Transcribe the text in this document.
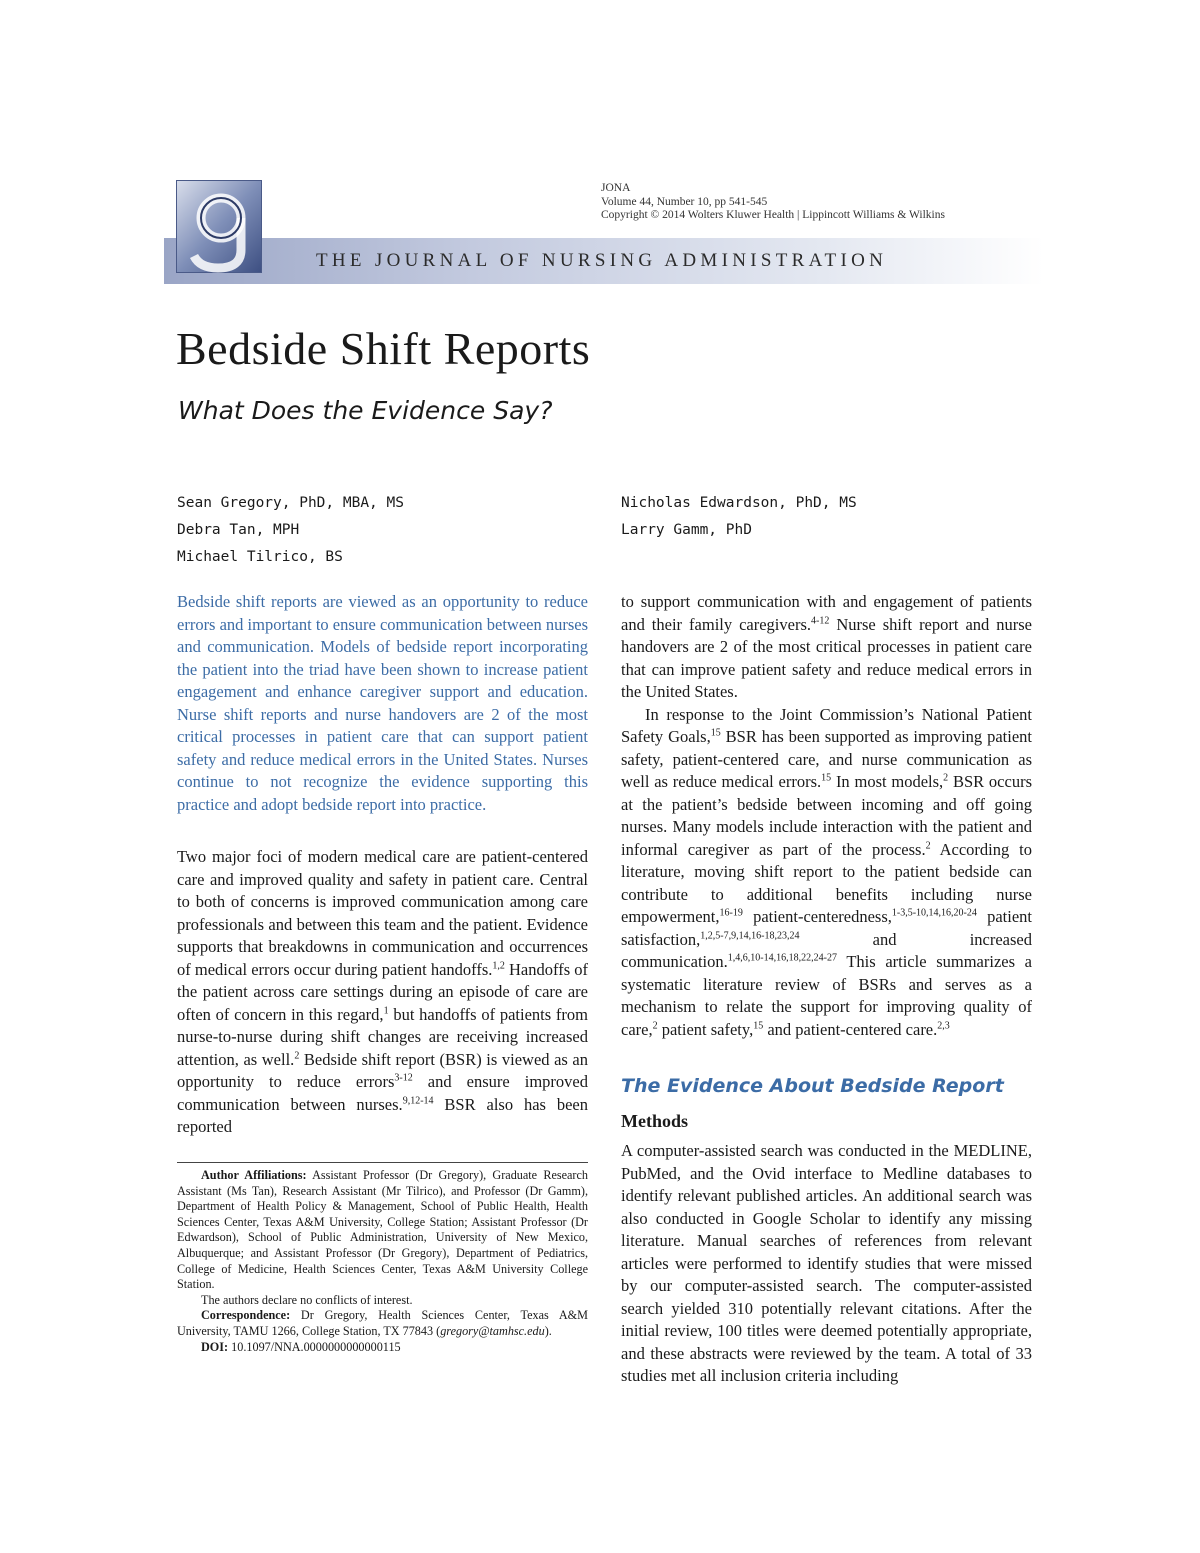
THE JOURNAL OF NURSING ADMINISTRATION
JONA
Volume 44, Number 10, pp 541-545
Copyright © 2014 Wolters Kluwer Health | Lippincott Williams & Wilkins
Bedside Shift Reports
What Does the Evidence Say?
Sean Gregory, PhD, MBA, MS
Debra Tan, MPH
Michael Tilrico, BS
Nicholas Edwardson, PhD, MS
Larry Gamm, PhD
Bedside shift reports are viewed as an opportunity to reduce errors and important to ensure communication between nurses and communication. Models of bedside report incorporating the patient into the triad have been shown to increase patient engagement and enhance caregiver support and education. Nurse shift reports and nurse handovers are 2 of the most critical processes in patient care that can support patient safety and reduce medical errors in the United States. Nurses continue to not recognize the evidence supporting this practice and adopt bedside report into practice.

Two major foci of modern medical care are patient-centered care and improved quality and safety in patient care. Central to both of concerns is improved communication among care professionals and between this team and the patient. Evidence supports that breakdowns in communication and occurrences of medical errors occur during patient handoffs.$^{1,2}$ Handoffs of the patient across care settings during an episode of care are often of concern in this regard,$^1$ but handoffs of patients from nurse-to-nurse during shift changes are receiving increased attention, as well.$^2$ Bedside shift report (BSR) is viewed as an opportunity to reduce errors$^{3-12}$ and ensure improved communication between nurses.$^{9,12-14}$ BSR also has been reported

Author Affiliations: Assistant Professor (Dr Gregory), Graduate Research Assistant (Ms Tan), Research Assistant (Mr Tilrico), and Professor (Dr Gamm), Department of Health Policy & Management, School of Public Health, Health Sciences Center, Texas A&M University, College Station; Assistant Professor (Dr Edwardson), School of Public Administration, University of New Mexico, Albuquerque; and Assistant Professor (Dr Gregory), Department of Pediatrics, College of Medicine, Health Sciences Center, Texas A&M University College Station.

The authors declare no conflicts of interest.

Correspondence: Dr Gregory, Health Sciences Center, Texas A&M University, TAMU 1266, College Station, TX 77843 (gregory@tamhsc.edu).

DOI: 10.1097/NNA.0000000000000115

to support communication with and engagement of patients and their family caregivers.$^{4-12}$ Nurse shift report and nurse handovers are 2 of the most critical processes in patient care that can improve patient safety and reduce medical errors in the United States.

In response to the Joint Commission’s National Patient Safety Goals,$^{15}$ BSR has been supported as improving patient safety, patient-centered care, and nurse communication as well as reduce medical errors.$^{15}$ In most models,$^2$ BSR occurs at the patient’s bedside between incoming and off going nurses. Many models include interaction with the patient and informal caregiver as part of the process.$^2$ According to literature, moving shift report to the patient bedside can contribute to additional benefits including nurse empowerment,$^{16-19}$ patient-centeredness,$^{1-3,5-10,14,16,20-24}$ patient satisfaction,$^{1,2,5-7,9,14,16-18,23,24}$ and increased communication.$^{1,4,6,10-14,16,18,22,24-27}$ This article summarizes a systematic literature review of BSRs and serves as a mechanism to relate the support for improving quality of care,$^2$ patient safety,$^{15}$ and patient-centered care.$^{2,3}$

The Evidence About Bedside Report
Methods

A computer-assisted search was conducted in the MEDLINE, PubMed, and the Ovid interface to Medline databases to identify relevant published articles. An additional search was also conducted in Google Scholar to identify any missing literature. Manual searches of references from relevant articles were performed to identify studies that were missed by our computer-assisted search. The computer-assisted search yielded 310 potentially relevant citations. After the initial review, 100 titles were deemed potentially appropriate, and these abstracts were reviewed by the team. A total of 33 studies met all inclusion criteria including
